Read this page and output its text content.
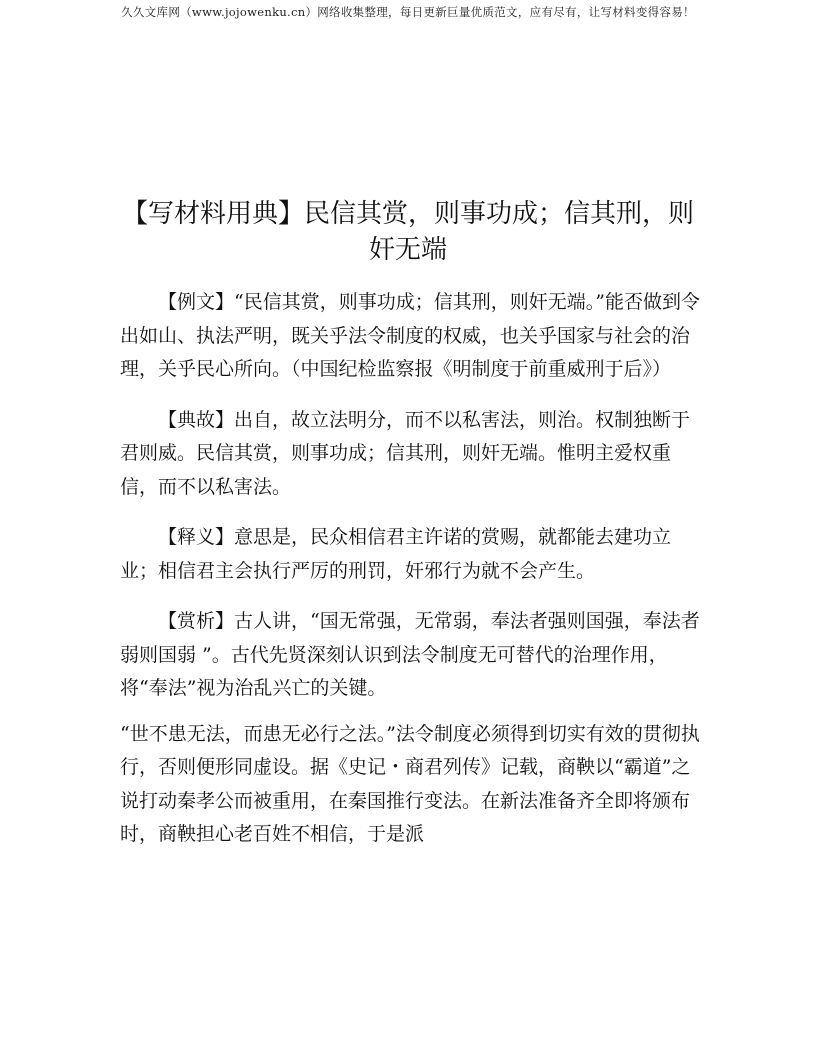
久久文库网（www.jojowenku.cn）网络收集整理，每日更新巨量优质范文，应有尽有，让写材料变得容易！
【写材料用典】民信其赏，则事功成；信其刑，则奸无端

【例文】“民信其赏，则事功成；信其刑，则奸无端。”能否做到令出如山、执法严明，既关乎法令制度的权威，也关乎国家与社会的治理，关乎民心所向。（中国纪检监察报《明制度于前重威刑于后》）

【典故】出自，故立法明分，而不以私害法，则治。权制独断于君则威。民信其赏，则事功成；信其刑，则奸无端。惟明主爱权重信，而不以私害法。

【释义】意思是，民众相信君主许诺的赏赐，就都能去建功立业；相信君主会执行严厉的刑罚，奸邪行为就不会产生。

【赏析】古人讲，“国无常强，无常弱，奉法者强则国强，奉法者弱则国弱 ”。古代先贤深刻认识到法令制度无可替代的治理作用，将“奉法”视为治乱兴亡的关键。

“世不患无法，而患无必行之法。”法令制度必须得到切实有效的贯彻执行，否则便形同虚设。据《史记・商君列传》记载，商鞅以“霸道”之说打动秦孝公而被重用，在秦国推行变法。在新法准备齐全即将颁布时，商鞅担心老百姓不相信，于是派
